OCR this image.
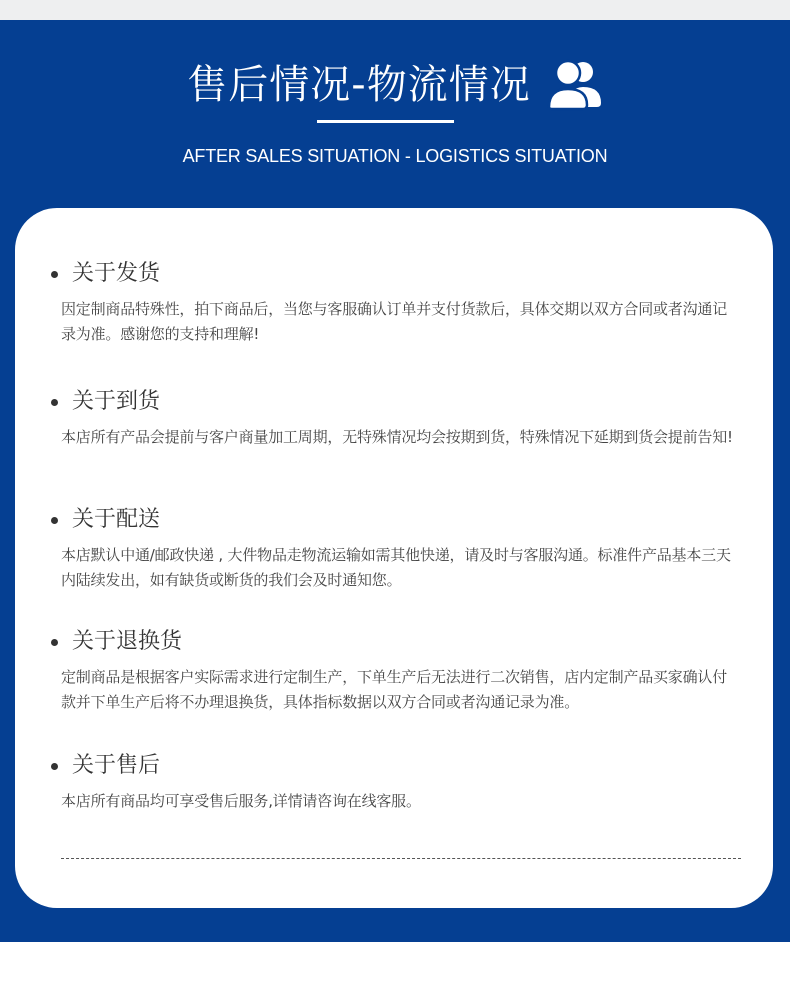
售后情况-物流情况
AFTER SALES SITUATION - LOGISTICS SITUATION
关于发货
因定制商品特殊性，拍下商品后，当您与客服确认订单并支付货款后，具体交期以双方合同或者沟通记录为准。感谢您的支持和理解!
关于到货
本店所有产品会提前与客户商量加工周期，无特殊情况均会按期到货，特殊情况下延期到货会提前告知!
关于配送
本店默认中通/邮政快递 , 大件物品走物流运输如需其他快递，请及时与客服沟通。标准件产品基本三天内陆续发出，如有缺货或断货的我们会及时通知您。
关于退换货
定制商品是根据客户实际需求进行定制生产，下单生产后无法进行二次销售，店内定制产品买家确认付款并下单生产后将不办理退换货，具体指标数据以双方合同或者沟通记录为准。
关于售后
本店所有商品均可享受售后服务,详情请咨询在线客服。
